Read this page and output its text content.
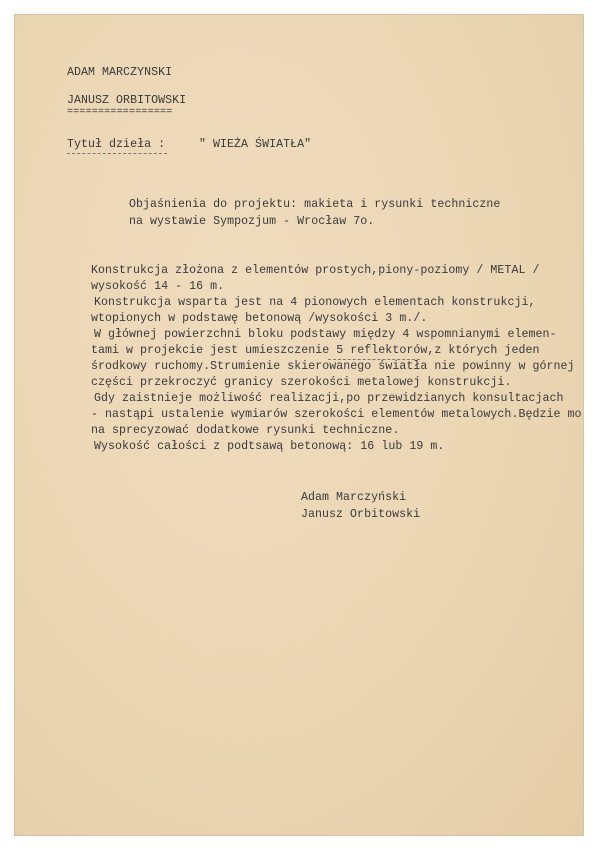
ADAM MARCZYNSKI
JANUSZ ORBITOWSKI
=================
Tytuł dzieła :	" WIEŻA ŚWIATŁA"
Objaśnienia do projektu: makieta i rysunki techniczne
na wystawie Sympozjum - Wrocław 7o.
Konstrukcja złożona z elementów prostych,piony-poziomy / METAL /
wysokość 14 - 16 m.
Konstrukcja wsparta jest na 4 pionowych elementach konstrukcji,
wtopionych w podstawę betonową /wysokości 3 m./.
W głównej powierzchni bloku podstawy między 4 wspomnianymi elemen-
tami w projekcie jest umieszczenie 5 reflektorów,z których jeden
środkowy ruchomy.Strumienie skierowanego światła nie powinny w górnej
części przekroczyć granicy szerokości metalowej konstrukcji.
Gdy zaistnieje możliwość realizacji,po przewidzianych konsultacjach
- nastąpi ustalenie wymiarów szerokości elementów metalowych.Będzie mo
na sprecyzować dodatkowe rysunki techniczne.
Wysokość całości z podtsawą betonową: 16 lub 19 m.
Adam Marczyński
Janusz Orbitowski
